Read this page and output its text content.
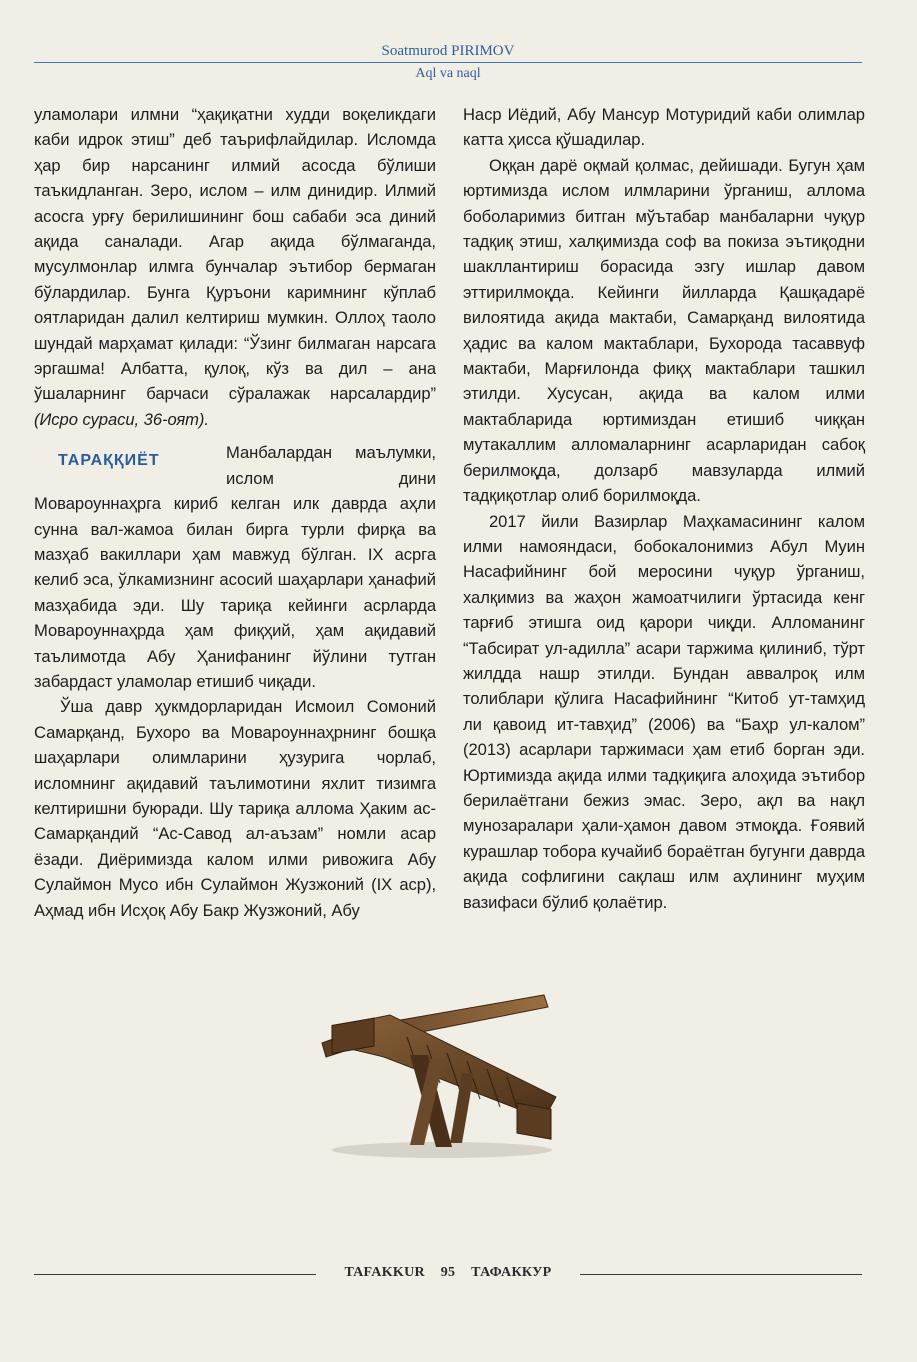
Soatmurod PIRIMOV
Aql va naql

уламолари илмни “ҳақиқатни худди воқеликдаги каби идрок этиш” деб таърифлайдилар. Исломда ҳар бир нарсанинг илмий асосда бўлиши таъкидланган. Зеро, ислом – илм динидир. Илмий асосга урғу берилишининг бош сабаби эса диний ақида саналади. Агар ақида бўлмаганда, мусулмонлар илмга бунчалар эътибор бермаган бўлардилар. Бунга Қуръони каримнинг кўплаб оятларидан далил келтириш мумкин. Оллоҳ таоло шундай марҳамат қилади: “Ўзинг билмаган нарсага эргашма! Албатта, қулоқ, кўз ва дил – ана ўшаларнинг барчаси сўралажак нарсалардир” (Исро сураси, 36-оят).

ТАРАҚҚИЁТ	Манбалардан маълумки, ислом дини Мовароуннаҳрга кириб келган илк даврда аҳли сунна вал-жамоа билан бирга турли фирқа ва мазҳаб вакиллари ҳам мавжуд бўлган. IX асрга келиб эса, ўлкамизнинг асосий шаҳарлари ҳанафий мазҳабида эди. Шу тариқа кейинги асрларда Мовароуннаҳрда ҳам фиқҳий, ҳам ақидавий таълимотда Абу Ҳанифанинг йўлини тутган забардаст уламолар етишиб чиқади.

Ўша давр ҳукмдорларидан Исмоил Сомоний Самарқанд, Бухоро ва Мовароуннаҳрнинг бошқа шаҳарлари олимларини ҳузурига чорлаб, исломнинг ақидавий таълимотини яхлит тизимга келтиришни буюради. Шу тариқа аллома Ҳаким ас-Самарқандий “Ас-Савод ал-аъзам” номли асар ёзади. Диёримизда калом илми ривожига Абу Сулаймон Мусо ибн Сулаймон Жузжоний (IX аср), Аҳмад ибн Исҳоқ Абу Бакр Жузжоний, Абу

Наср Иёдий, Абу Мансур Мотуридий каби олимлар катта ҳисса қўшадилар.

Оққан дарё оқмай қолмас, дейишади. Бугун ҳам юртимизда ислом илмларини ўрганиш, аллома боболаримиз битган мўътабар манбаларни чуқур тадқиқ этиш, халқимизда соф ва покиза эътиқодни шакллантириш борасида эзгу ишлар давом эттирилмоқда. Кейинги йилларда Қашқадарё вилоятида ақида мактаби, Самарқанд вилоятида ҳадис ва калом мактаблари, Бухорода тасаввуф мактаби, Марғилонда фиқҳ мактаблари ташкил этилди. Хусусан, ақида ва калом илми мактабларида юртимиздан етишиб чиққан мутакаллим алломаларнинг асарларидан сабоқ берилмоқда, долзарб мавзуларда илмий тадқиқотлар олиб борилмоқда.

2017 йили Вазирлар Маҳкамасининг калом илми намояндаси, бобокалонимиз Абул Муин Насафийнинг бой меросини чуқур ўрганиш, халқимиз ва жаҳон жамоатчилиги ўртасида кенг тарғиб этишга оид қарори чиқди. Алломанинг “Табсират ул-адилла” асари таржима қилиниб, тўрт жилдда нашр этилди. Бундан аввалроқ илм толиблари қўлига Насафийнинг “Китоб ут-тамҳид ли қавоид ит-тавҳид” (2006) ва “Баҳр ул-калом” (2013) асарлари таржимаси ҳам етиб борган эди. Юртимизда ақида илми тадқиқига алоҳида эътибор берилаётгани бежиз эмас. Зеро, ақл ва нақл мунозаралари ҳали-ҳамон давом этмоқда. Ғоявий курашлар тобора кучайиб бораётган бугунги даврда ақида софлигини сақлаш илм аҳлининг муҳим вазифаси бўлиб қолаётир.

TAFAKKUR 95 ТАФАККУР
